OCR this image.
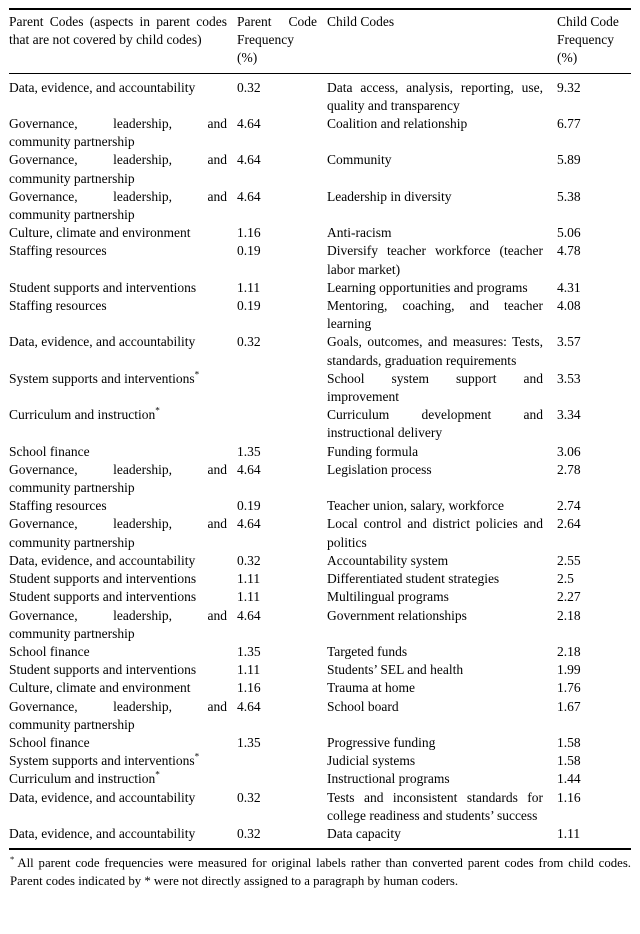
Parent Codes (aspects in parent codes that are not covered by child codes)	Parent Code Frequency (%)	Child Codes	Child Code Frequency (%)
Data, evidence, and accountability	0.32	Data access, analysis, reporting, use, quality and transparency	9.32
Governance, leadership, and community partnership	4.64	Coalition and relationship	6.77
Governance, leadership, and community partnership	4.64	Community	5.89
Governance, leadership, and community partnership	4.64	Leadership in diversity	5.38
Culture, climate and environment	1.16	Anti-racism	5.06
Staffing resources	0.19	Diversify teacher workforce (teacher labor market)	4.78
Student supports and interventions	1.11	Learning opportunities and programs	4.31
Staffing resources	0.19	Mentoring, coaching, and teacher learning	4.08
Data, evidence, and accountability	0.32	Goals, outcomes, and measures: Tests, standards, graduation requirements	3.57
System supports and interventions*		School system support and improvement	3.53
Curriculum and instruction*		Curriculum development and instructional delivery	3.34
School finance	1.35	Funding formula	3.06
Governance, leadership, and community partnership	4.64	Legislation process	2.78
Staffing resources	0.19	Teacher union, salary, workforce	2.74
Governance, leadership, and community partnership	4.64	Local control and district policies and politics	2.64
Data, evidence, and accountability	0.32	Accountability system	2.55
Student supports and interventions	1.11	Differentiated student strategies	2.5
Student supports and interventions	1.11	Multilingual programs	2.27
Governance, leadership, and community partnership	4.64	Government relationships	2.18
School finance	1.35	Targeted funds	2.18
Student supports and interventions	1.11	Students’ SEL and health	1.99
Culture, climate and environment	1.16	Trauma at home	1.76
Governance, leadership, and community partnership	4.64	School board	1.67
School finance	1.35	Progressive funding	1.58
System supports and interventions*		Judicial systems	1.58
Curriculum and instruction*		Instructional programs	1.44
Data, evidence, and accountability	0.32	Tests and inconsistent standards for college readiness and students’ success	1.16
Data, evidence, and accountability	0.32	Data capacity	1.11
* All parent code frequencies were measured for original labels rather than converted parent codes from child codes. Parent codes indicated by * were not directly assigned to a paragraph by human coders.
